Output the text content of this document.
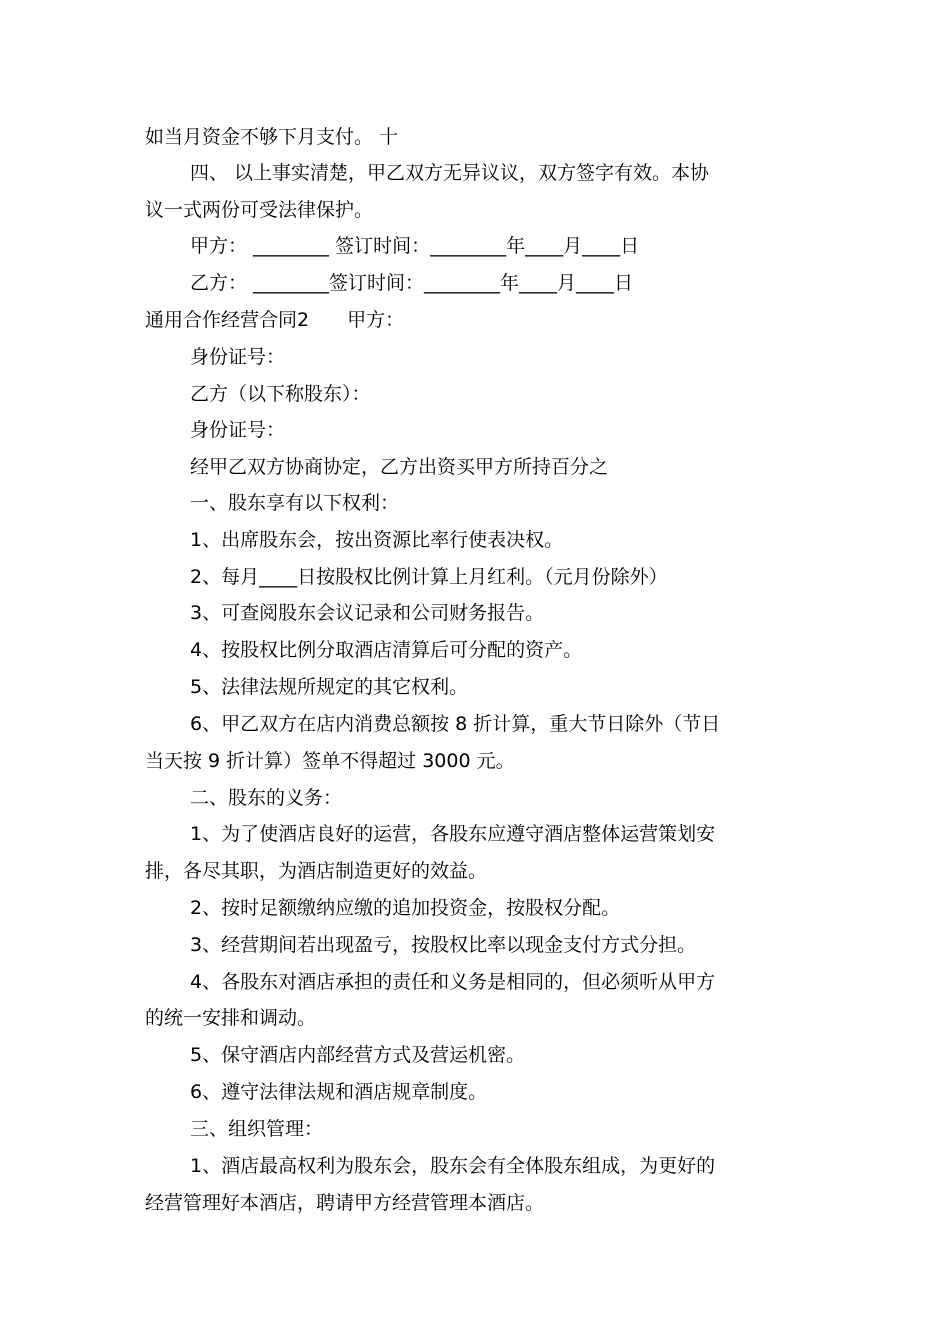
如当月资金不够下月支付。 十
四、 以上事实清楚，甲乙双方无异议议，双方签字有效。本协
议一式两份可受法律保护。
甲方： ________ 签订时间：________年____月____日
乙方： ________签订时间：________年____月____日
通用合作经营合同2　　甲方：
身份证号：
乙方（以下称股东）：
身份证号：
经甲乙双方协商协定，乙方出资买甲方所持百分之
一、股东享有以下权利：
1、出席股东会，按出资源比率行使表决权。
2、每月____日按股权比例计算上月红利。（元月份除外）
3、可查阅股东会议记录和公司财务报告。
4、按股权比例分取酒店清算后可分配的资产。
5、法律法规所规定的其它权利。
6、甲乙双方在店内消费总额按 8 折计算，重大节日除外（节日
当天按 9 折计算）签单不得超过 3000 元。
二、股东的义务：
1、为了使酒店良好的运营，各股东应遵守酒店整体运营策划安
排，各尽其职，为酒店制造更好的效益。
2、按时足额缴纳应缴的追加投资金，按股权分配。
3、经营期间若出现盈亏，按股权比率以现金支付方式分担。
4、各股东对酒店承担的责任和义务是相同的，但必须听从甲方
的统一安排和调动。
5、保守酒店内部经营方式及营运机密。
6、遵守法律法规和酒店规章制度。
三、组织管理：
1、酒店最高权利为股东会，股东会有全体股东组成，为更好的
经营管理好本酒店，聘请甲方经营管理本酒店。
